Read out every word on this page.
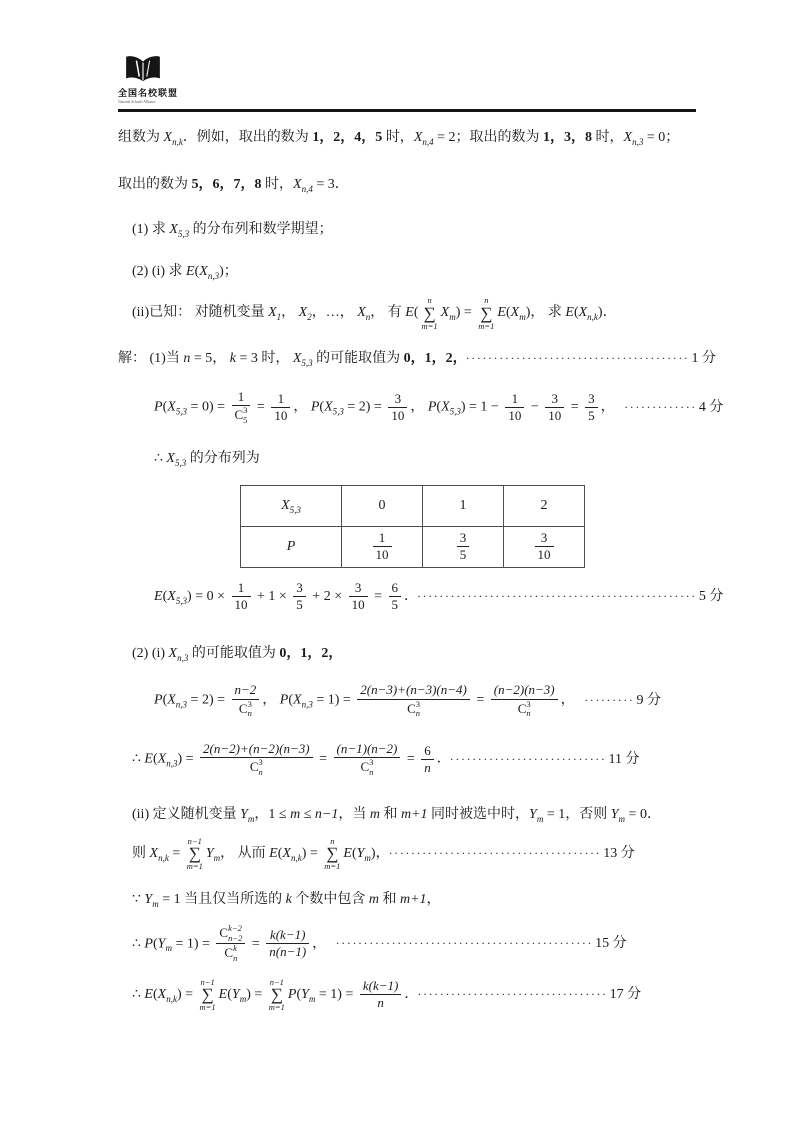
全国名校联盟
National Schools Alliance
组数为 $X_{n,k}$．例如，取出的数为 1，2，4，5 时，$X_{n,4} = 2$；取出的数为 1，3，8 时，$X_{n,3} = 0$；
取出的数为 5，6，7，8 时，$X_{n,4} = 3$．
(1) 求 $X_{5,3}$ 的分布列和数学期望；
(2) (i) 求 $E(X_{n,3})$；
(ii)已知： 对随机变量 $X_1$， $X_2$，…， $X_n$， 有 E(
n
∑
m=1
$X_m$) =
n
∑
m=1
$E(X_m)$， 求 $E(X_{n,k})$．
解： (1)当 n = 5， k = 3 时， $X_{5,3}$ 的可能取值为 0，1，2， ········································ 1 分
$P(X_{5,3} = 0) = 1$
C 3
$5 = \frac{1}{10}$ ， $P(X_{5,3} = 2) = \frac{3}{10}$ ， $P(X_{5,3}) = 1 - \frac{1}{10} - \frac{3}{10} = \frac{3}{5}$ ， ············· 4 分
∴ $X_{5,3}$ 的分布列为
$X_{5,3}$	0	1	2
P	$\frac{1}{10}$	$\frac{3}{5}$	$\frac{3}{10}$
$E(X_{5,3}) = 0 \times \frac{1}{10} + 1 \times \frac{3}{5} + 2 \times \frac{3}{10} = \frac{6}{5}$ ． ·················································· 5 分
(2) (i) $X_{n,3}$ 的可能取值为 0，1，2，
$P(X_{n,3} = 2) = n-2$
C 3
n ， $P(X_{n,3} = 1) = 2(n-3)+(n-3)(n-4)$
C 3
n = (n−2)(n−3)
C 3
n ， ········· 9 分
∴ $E(X_{n,3}) = 2(n-2)+(n-2)(n-3)$
C 3
n = (n−1)(n−2)
C 3
$n = \frac{6}{n}$ ． ···························· 11 分
(ii) 定义随机变量 $Y_m$，1 ≤ m ≤ n−1，当 m 和 m+1 同时被选中时，$Y_m = 1$，否则 $Y_m = 0$．
则 $X_{n,k}$ =
n−1
∑
m=1
$Y_m$， 从而 $E(X_{n,k})$ =
n
∑
m=1
$E(Y_m)$， ······································ 13 分
∵ $Y_m = 1$ 当且仅当所选的 k 个数中包含 m 和 m+1，
∴ $P(Y_m = 1) = C$ k−2
n−2
C k
$n = \frac{k(k-1)}{n(n-1)}$ ， ·············································· 15 分
∴ $E(X_{n,k})$ =
n−1
∑
m=1
$E(Y_m)$ =
n−1
∑
m=1
$P(Y_m = 1) = \frac{k(k-1)}{n}$ ． ·································· 17 分
